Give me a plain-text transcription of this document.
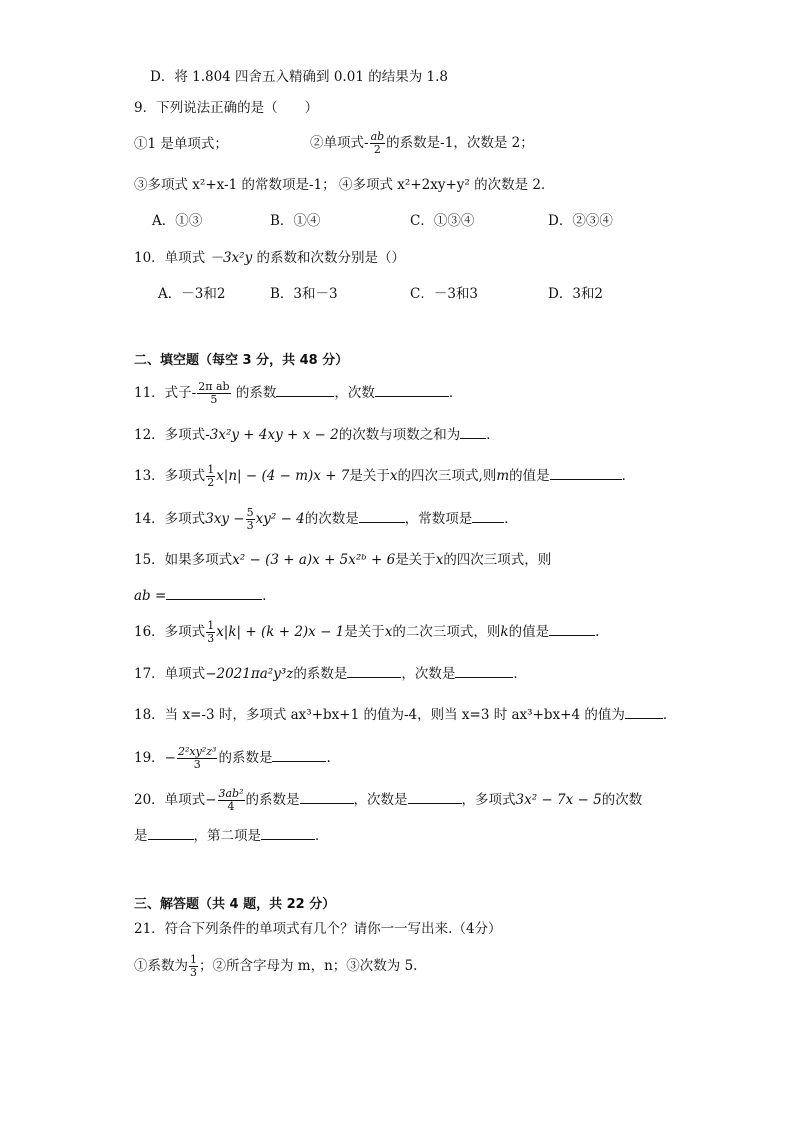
D．将 1.804 四舍五入精确到 0.01 的结果为 1.8
9．下列说法正确的是（　　）
①1 是单项式；	②单项式- $\frac{ab}{2}$ 的系数是-1，次数是 2；
③多项式 x²+x-1 的常数项是-1； ④多项式 x²+2xy+y² 的次数是 2．
A．①③	B．①④	C．①③④	D．②③④
10．单项式 －3x²y 的系数和次数分别是（）
A．－3和2	B．3和－3	C．－3和3	D．3和2
二、填空题（每空 3 分，共 48 分）
11．式子- $\frac{\text{2π ab}}{5}$ 的系数	，次数	．
12．多项式-3x²y + 4xy + x − 2的次数与项数之和为 ．
13．多项式 $\frac{1}{2} x|n| - (4 - m)x + 7$是关于x的四次三项式,则m的值是	．
14．多项式$3xy - \frac{5}{3} xy^2 - 4$的次数是	，常数项是 ．
15．如果多项式x² − (3 + a)x + 5x²ᵇ + 6是关于x的四次三项式，则
ab =	．
16．多项式 $\frac{1}{3} x|k| + (k + 2)x - 1$是关于x的二次三项式，则k的值是	.
17．单项式−2021πa²y³z的系数是	，次数是	．
18．当 x=-3 时，多项式 ax³+bx+1 的值为-4，则当 x=3 时 ax³+bx+4 的值为	．
19．− $\frac{\text{2²xy²z³}}{3}$ 的系数是	.
20．单项式− $\frac{\text{3ab²}}{4}$ 的系数是	，次数是	，多项式3x² − 7x − 5的次数
是	，第二项是	．
三、解答题（共 4 题，共 22 分）
21．符合下列条件的单项式有几个？请你一一写出来.（4分）
①系数为 $\frac{1}{3}$ ；②所含字母为 m，n；③次数为 5.
